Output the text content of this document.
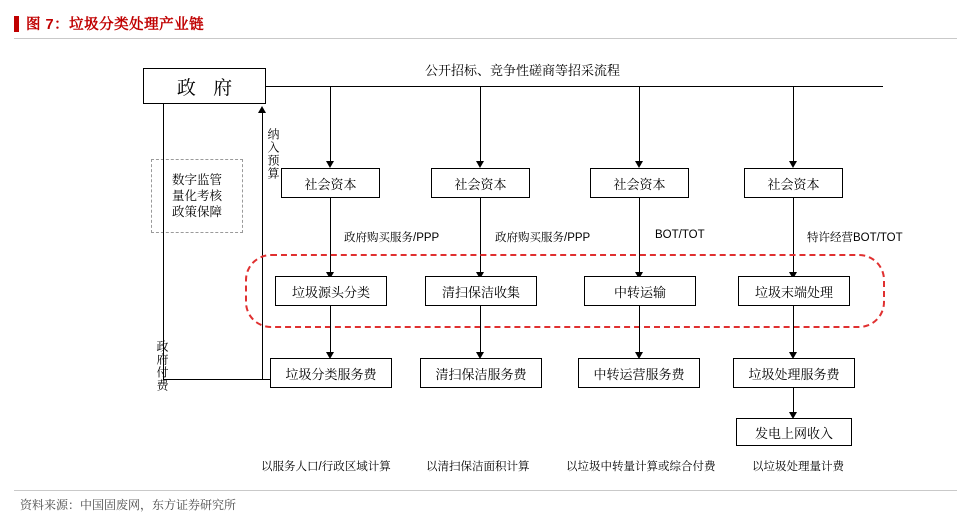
图 7：垃圾分类处理产业链
公开招标、竞争性磋商等招采流程
政 府
纳入预算
数字监管
量化考核
政策保障
政府付费
社会资本	社会资本	社会资本	社会资本
政府购买服务/PPP	政府购买服务/PPP	BOT/TOT	特许经营BOT/TOT
垃圾源头分类	清扫保洁收集	中转运输	垃圾末端处理
垃圾分类服务费	清扫保洁服务费	中转运营服务费	垃圾处理服务费
发电上网收入
以服务人口/行政区域计算	以清扫保洁面积计算	以垃圾中转量计算或综合付费	以垃圾处理量计费
资料来源：中国固废网，东方证券研究所
